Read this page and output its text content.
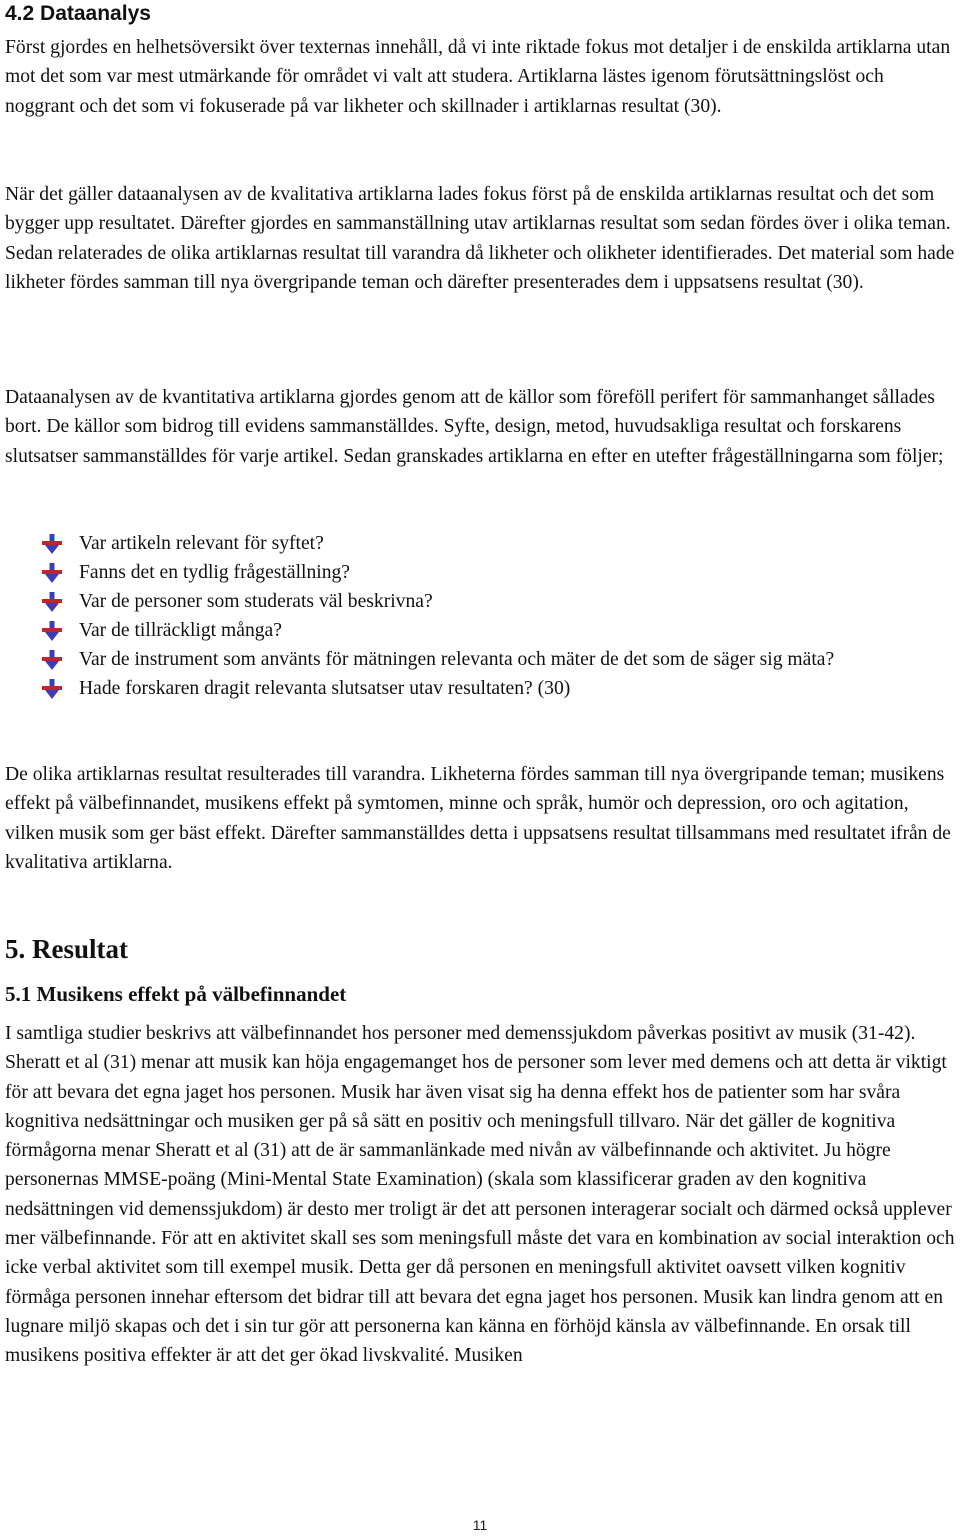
4.2 Dataanalys

Först gjordes en helhetsöversikt över texternas innehåll, då vi inte riktade fokus mot detaljer i de enskilda artiklarna utan mot det som var mest utmärkande för området vi valt att studera. Artiklarna lästes igenom förutsättningslöst och noggrant och det som vi fokuserade på var likheter och skillnader i artiklarnas resultat (30).

När det gäller dataanalysen av de kvalitativa artiklarna lades fokus först på de enskilda artiklarnas resultat och det som bygger upp resultatet. Därefter gjordes en sammanställning utav artiklarnas resultat som sedan fördes över i olika teman. Sedan relaterades de olika artiklarnas resultat till varandra då likheter och olikheter identifierades. Det material som hade likheter fördes samman till nya övergripande teman och därefter presenterades dem i uppsatsens resultat (30).

Dataanalysen av de kvantitativa artiklarna gjordes genom att de källor som föreföll perifert för sammanhanget sållades bort. De källor som bidrog till evidens sammanställdes. Syfte, design, metod, huvudsakliga resultat och forskarens slutsatser sammanställdes för varje artikel. Sedan granskades artiklarna en efter en utefter frågeställningarna som följer;

Var artikeln relevant för syftet?
Fanns det en tydlig frågeställning?
Var de personer som studerats väl beskrivna?
Var de tillräckligt många?
Var de instrument som använts för mätningen relevanta och mäter de det som de säger sig mäta?
Hade forskaren dragit relevanta slutsatser utav resultaten? (30)

De olika artiklarnas resultat resulterades till varandra. Likheterna fördes samman till nya övergripande teman; musikens effekt på välbefinnandet, musikens effekt på symtomen, minne och språk, humör och depression, oro och agitation, vilken musik som ger bäst effekt. Därefter sammanställdes detta i uppsatsens resultat tillsammans med resultatet ifrån de kvalitativa artiklarna.

5. Resultat
5.1 Musikens effekt på välbefinnandet

I samtliga studier beskrivs att välbefinnandet hos personer med demenssjukdom påverkas positivt av musik (31-42). Sheratt et al (31) menar att musik kan höja engagemanget hos de personer som lever med demens och att detta är viktigt för att bevara det egna jaget hos personen. Musik har även visat sig ha denna effekt hos de patienter som har svåra kognitiva nedsättningar och musiken ger på så sätt en positiv och meningsfull tillvaro. När det gäller de kognitiva förmågorna menar Sheratt et al (31) att de är sammanlänkade med nivån av välbefinnande och aktivitet. Ju högre personernas MMSE-poäng (Mini-Mental State Examination) (skala som klassificerar graden av den kognitiva nedsättningen vid demenssjukdom) är desto mer troligt är det att personen interagerar socialt och därmed också upplever mer välbefinnande. För att en aktivitet skall ses som meningsfull måste det vara en kombination av social interaktion och icke verbal aktivitet som till exempel musik. Detta ger då personen en meningsfull aktivitet oavsett vilken kognitiv förmåga personen innehar eftersom det bidrar till att bevara det egna jaget hos personen. Musik kan lindra genom att en lugnare miljö skapas och det i sin tur gör att personerna kan känna en förhöjd känsla av välbefinnande. En orsak till musikens positiva effekter är att det ger ökad livskvalité. Musiken

11
